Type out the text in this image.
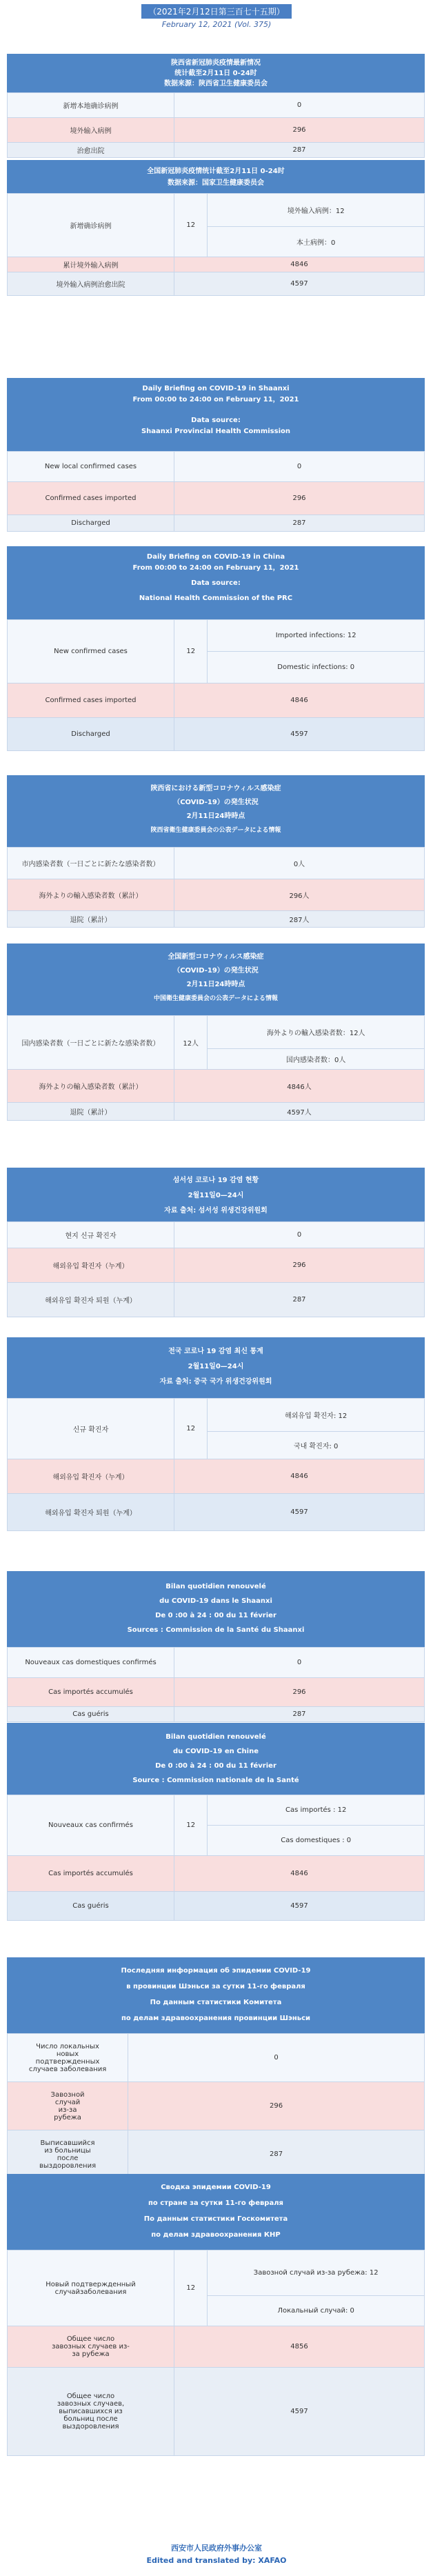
（2021年2月12日第三百七十五期）
February 12, 2021 (Vol. 375)
陕西省新冠肺炎疫情最新情况
统计截至2月11日 0-24时
数据来源：陕西省卫生健康委员会
新增本地确诊病例	0
境外输入病例	296
治愈出院	287
全国新冠肺炎疫情统计截至2月11日 0-24时
数据来源：国家卫生健康委员会
新增确诊病例	12	境外输入病例：12
		本土病例：0
累计境外输入病例	4846	
境外输入病例治愈出院	4597	
Daily Briefing on COVID-19 in Shaanxi
From 00:00 to 24:00 on February 11，2021
Data source:
Shaanxi Provincial Health Commission
New local confirmed cases	0
Confirmed cases imported	296
Discharged	287
Daily Briefing on COVID-19 in China
From 00:00 to 24:00 on February 11，2021
Data source:
National Health Commission of the PRC
New confirmed cases	12	Imported infections: 12
		Domestic infections: 0
Confirmed cases imported	4846	
Discharged	4597	
陝西省における新型コロナウィルス感染症
（COVID-19）の発生状況
2月11日24時時点
陝西省衛生健康委員会の公表データによる情報
市内感染者数（一日ごとに新たな感染者数）	0人
海外よりの輸入感染者数（累計）	296人
退院（累計）	287人
全国新型コロナウィルス感染症
（COVID-19）の発生状況
2月11日24時時点
中国衛生健康委員会の公表データによる情報
国内感染者数（一日ごとに新たな感染者数）	12人	海外よりの輸入感染者数：12人
		国内感染者数：0人
海外よりの輸入感染者数（累計）	4846人	
退院（累計）	4597人	
섬서성 코로나 19 감염 현황
2월11일0—24시
자료 출처: 섬서성 위생건강위원회
현지 신규 확진자	0
해외유입 확진자（누계）	296
해외유입 확진자 퇴원（누계）	287
전국 코로나 19 감염 최신 통계
2월11일0—24시
자료 출처: 중국 국가 위생건강위원회
신규 확진자	12	해외유입 확진자: 12
		국내 확진자: 0
해외유입 확진자（누계）	4846	
해외유입 확진자 퇴원（누계）	4597	
Bilan quotidien renouvelé
du COVID-19 dans le Shaanxi
De 0 :00 à 24 : 00 du 11 février
Sources : Commission de la Santé du Shaanxi
Nouveaux cas domestiques confirmés	0
Cas importés accumulés	296
Cas guéris	287
Bilan quotidien renouvelé
du COVID-19 en Chine
De 0 :00 à 24 : 00 du 11 février
Source : Commission nationale de la Santé
Nouveaux cas confirmés	12	Cas importés : 12
		Cas domestiques : 0
Cas importés accumulés	4846	
Cas guéris	4597	
Последняя информация об эпидемии COVID-19
в провинции Шэньси за сутки 11-го февраля
По данным статистики Комитета
по делам здравоохранения провинции Шэньси
Число локальных новых подтвержденных случаев заболевания	0
Завозной случай из-за рубежа	296
Выписавшийся из больницы после выздоровления	287
Сводка эпидемии COVID-19
по стране за сутки 11-го февраля
По данным статистики Госкомитета
по делам здравоохранения КНР
Новый подтвержденный случайзаболевания	12	Завозной случай из-за рубежа: 12
		Локальный случай: 0
Общее число завозных случаев из-за рубежа	4856	
Общее число завозных случаев, выписавшихся из больниц после выздоровления	4597	
西安市人民政府外事办公室
Edited and translated by: XAFAO
